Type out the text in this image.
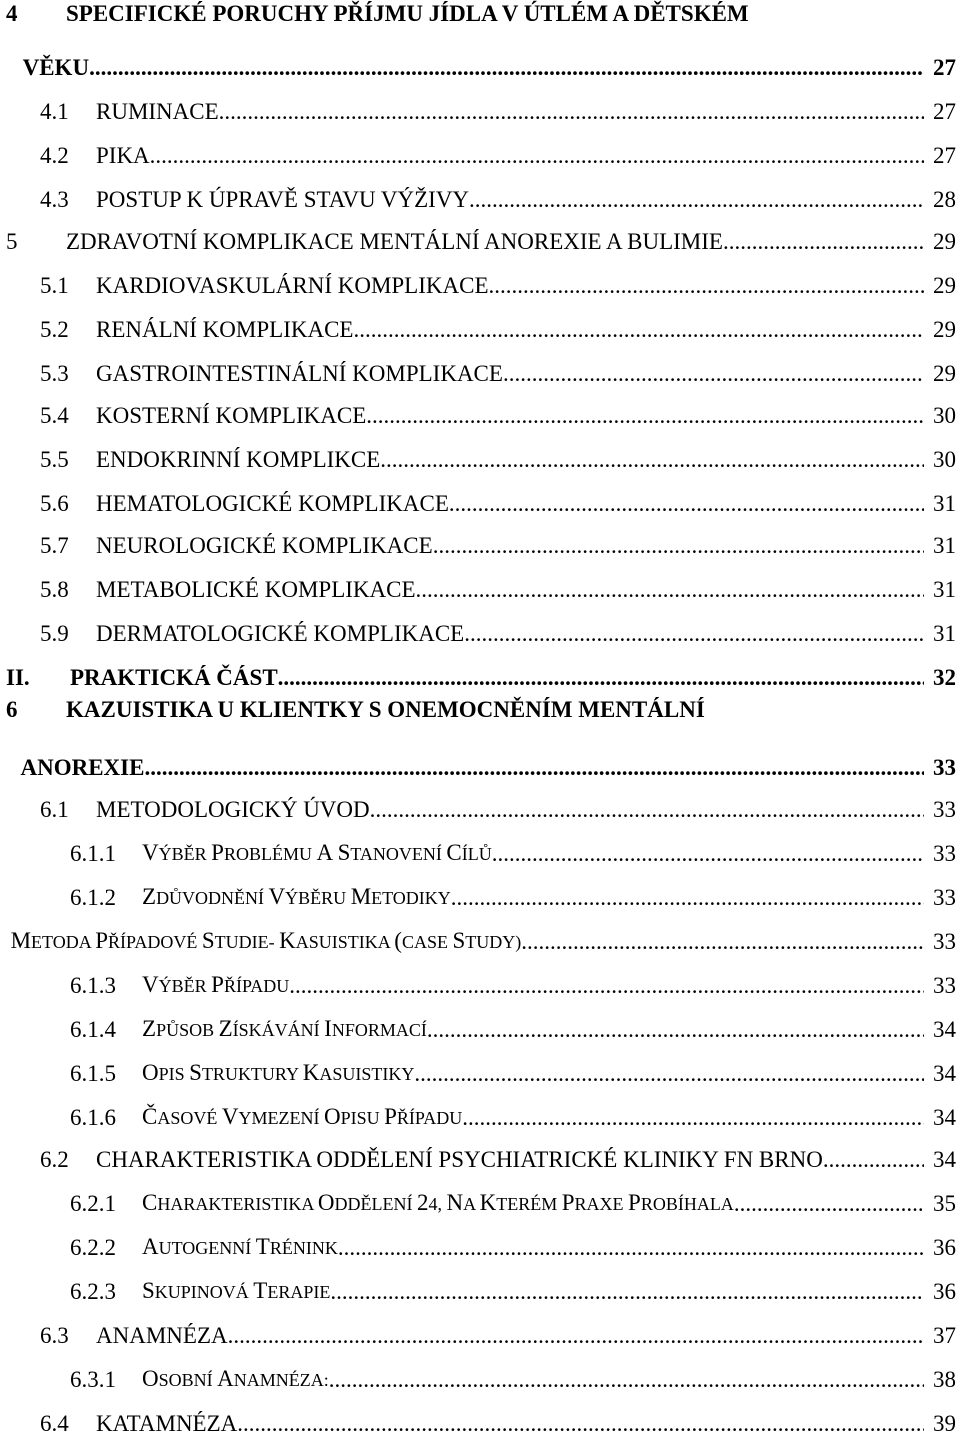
4 SPECIFICKÉ PORUCHY PŘÍJMU JÍDLA V ÚTLÉM A DĚTSKÉM
VĚKU .....	27
4.1	RUMINACE .....	27
4.2	PIKA .....	27
4.3	POSTUP K ÚPRAVĚ STAVU VÝŽIVY .....	28
5	ZDRAVOTNÍ KOMPLIKACE MENTÁLNÍ ANOREXIE A BULIMIE .....	29
5.1	KARDIOVASKULÁRNÍ KOMPLIKACE .....	29
5.2	RENÁLNÍ KOMPLIKACE .....	29
5.3	GASTROINTESTINÁLNÍ KOMPLIKACE .....	29
5.4	KOSTERNÍ KOMPLIKACE .....	30
5.5	ENDOKRINNÍ KOMPLIKCE .....	30
5.6	HEMATOLOGICKÉ KOMPLIKACE .....	31
5.7	NEUROLOGICKÉ KOMPLIKACE .....	31
5.8	METABOLICKÉ KOMPLIKACE .....	31
5.9	DERMATOLOGICKÉ KOMPLIKACE .....	31
II.	PRAKTICKÁ ČÁST .....	32
6 KAZUISTIKA U KLIENTKY S ONEMOCNĚNÍM MENTÁLNÍ
ANOREXIE .....	33
6.1	METODOLOGICKÝ ÚVOD .....	33
6.1.1	VÝBĚR PROBLÉMU A STANOVENÍ CÍLŮ .....	33
6.1.2	ZDŮVODNĚNÍ VÝBĚRU METODIKY .....	33
METODA PŘÍPADOVÉ STUDIE- KASUISTIKA (CASE STUDY) .....	33
6.1.3	VÝBĚR PŘÍPADU .....	33
6.1.4	ZPŮSOB ZÍSKÁVÁNÍ INFORMACÍ .....	34
6.1.5	OPIS STRUKTURY KASUISTIKY .....	34
6.1.6	ČASOVÉ VYMEZENÍ OPISU PŘÍPADU .....	34
6.2	CHARAKTERISTIKA ODDĚLENÍ PSYCHIATRICKÉ KLINIKY FN BRNO .....	34
6.2.1	CHARAKTERISTIKA ODDĚLENÍ 24, NA KTERÉM PRAXE PROBÍHALA .....	35
6.2.2	AUTOGENNÍ TRÉNINK .....	36
6.2.3	SKUPINOVÁ TERAPIE .....	36
6.3	ANAMNÉZA .....	37
6.3.1	OSOBNÍ ANAMNÉZA: .....	38
6.4	KATAMNÉZA .....	39
